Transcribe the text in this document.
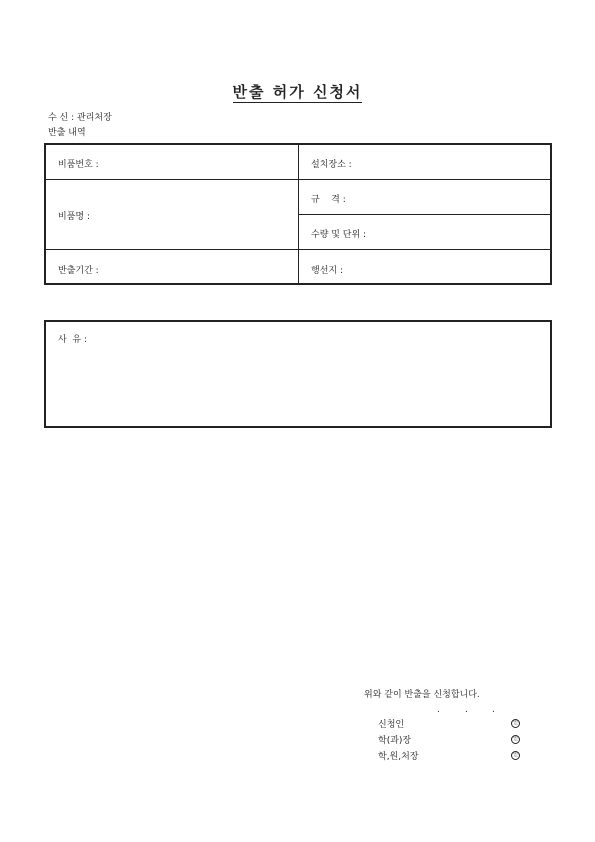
반출 허가 신청서
수 신 : 관리처장
반출 내역
비품번호 :	설치장소 :
비품명 :
규    격 :
수량 및 단위 :
반출기간 :	행선지 :
사  유 :
위와 같이 반출을 신청합니다.
.	.	.
신청인	인
학(과)장	인
학,원,처장	인
